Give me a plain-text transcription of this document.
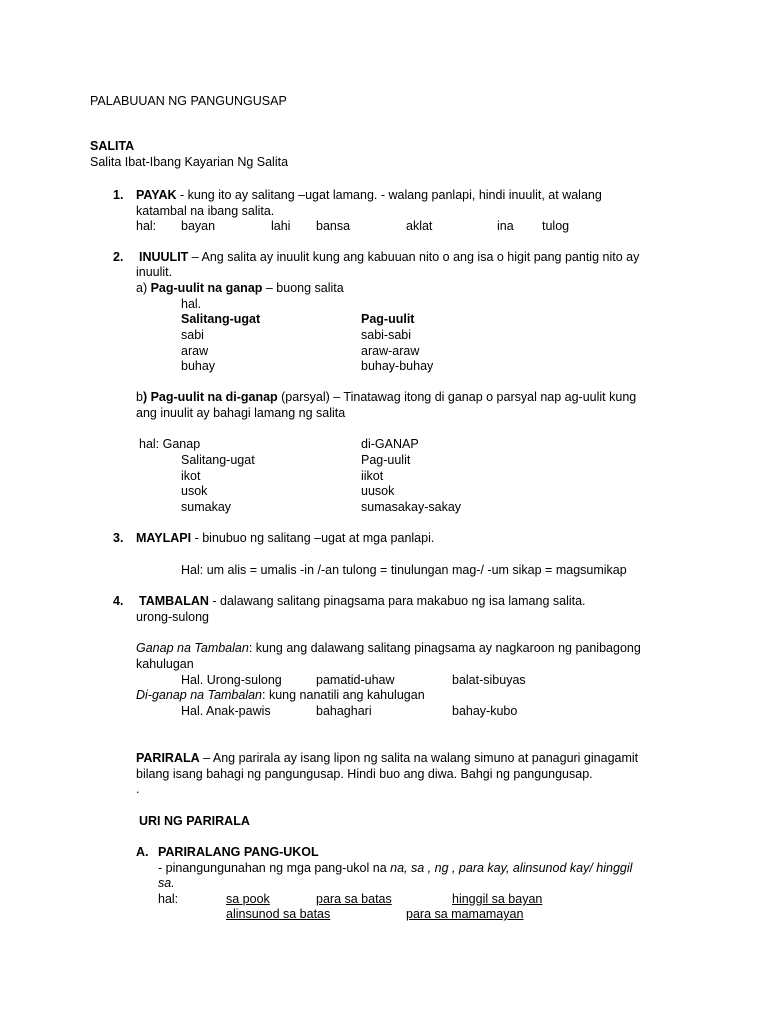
PALABUUAN NG PANGUNGUSAP
SALITA
Salita Ibat-Ibang Kayarian Ng Salita
1. PAYAK - kung ito ay salitang –ugat lamang. - walang panlapi, hindi inuulit, at walang
katambal na ibang salita.
hal: bayan	lahi bansa	aklat	ina tulog
2. INUULIT – Ang salita ay inuulit kung ang kabuuan nito o ang isa o higit pang pantig nito ay
inuulit.
a) Pag-uulit na ganap – buong salita
hal.
Salitang-ugat	Pag-uulit
sabi	sabi-sabi
araw	araw-araw
buhay	buhay-buhay
b) Pag-uulit na di-ganap (parsyal) – Tinatawag itong di ganap o parsyal nap ag-uulit kung
ang inuulit ay bahagi lamang ng salita
hal: Ganap	di-GANAP
Salitang-ugat	Pag-uulit
ikot	iikot
usok	uusok
sumakay	sumasakay-sakay
3. MAYLAPI - binubuo ng salitang –ugat at mga panlapi.
Hal: um alis = umalis -in /-an tulong = tinulungan mag-/ -um sikap = magsumikap
4. TAMBALAN - dalawang salitang pinagsama para makabuo ng isa lamang salita.
urong-sulong
Ganap na Tambalan: kung ang dalawang salitang pinagsama ay nagkaroon ng panibagong
kahulugan
Hal. Urong-sulong	pamatid-uhaw	balat-sibuyas
Di-ganap na Tambalan: kung nanatili ang kahulugan
Hal. Anak-pawis	bahaghari	bahay-kubo
PARIRALA – Ang parirala ay isang lipon ng salita na walang simuno at panaguri ginagamit
bilang isang bahagi ng pangungusap. Hindi buo ang diwa. Bahgi ng pangungusap.
.
URI NG PARIRALA
A. PARIRALANG PANG-UKOL
- pinangungunahan ng mga pang-ukol na na, sa , ng , para kay, alinsunod kay/ hinggil
sa.
hal:	sa pook	para sa batas	hinggil sa bayan
alinsunod sa batas	para sa mamamayan
